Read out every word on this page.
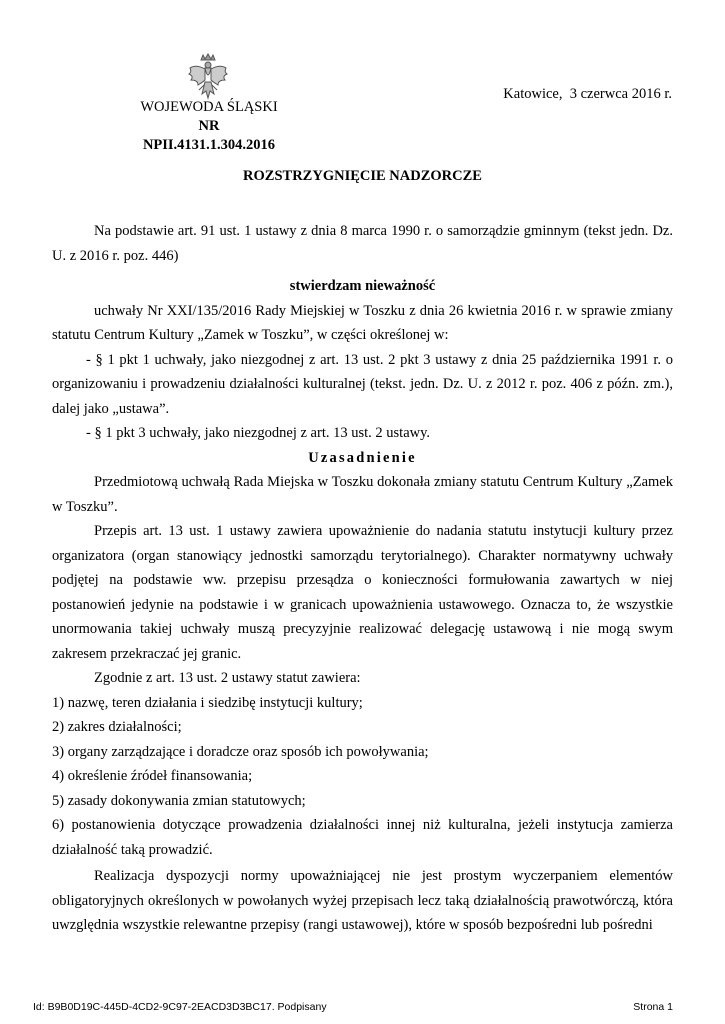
WOJEWODA ŚLĄSKI
NR NPII.4131.1.304.2016
Katowice,  3 czerwca 2016 r.
ROZSTRZYGNIĘCIE NADZORCZE

Na podstawie art. 91 ust. 1 ustawy z dnia 8 marca 1990 r. o samorządzie gminnym (tekst jedn. Dz. U. z 2016 r. poz. 446)

stwierdzam nieważność

uchwały Nr XXI/135/2016 Rady Miejskiej w Toszku z dnia 26 kwietnia 2016 r. w sprawie zmiany statutu Centrum Kultury „Zamek w Toszku”, w części określonej w:

- § 1 pkt 1 uchwały, jako niezgodnej z art. 13 ust. 2 pkt 3 ustawy z dnia 25 października 1991 r. o organizowaniu i prowadzeniu działalności kulturalnej (tekst. jedn. Dz. U. z 2012 r. poz. 406 z późn. zm.), dalej jako „ustawa”.

- § 1 pkt 3 uchwały, jako niezgodnej z art. 13 ust. 2 ustawy.

Uzasadnienie

Przedmiotową uchwałą Rada Miejska w Toszku dokonała zmiany statutu Centrum Kultury „Zamek w Toszku”.

Przepis art. 13 ust. 1 ustawy zawiera upoważnienie do nadania statutu instytucji kultury przez organizatora (organ stanowiący jednostki samorządu terytorialnego). Charakter normatywny uchwały podjętej na podstawie ww. przepisu przesądza o konieczności formułowania zawartych w niej postanowień jedynie na podstawie i w granicach upoważnienia ustawowego. Oznacza to, że wszystkie unormowania takiej uchwały muszą precyzyjnie realizować delegację ustawową i nie mogą swym zakresem przekraczać jej granic.

Zgodnie z art. 13 ust. 2 ustawy statut zawiera:

1) nazwę, teren działania i siedzibę instytucji kultury;

2) zakres działalności;

3) organy zarządzające i doradcze oraz sposób ich powoływania;

4) określenie źródeł finansowania;

5) zasady dokonywania zmian statutowych;

6) postanowienia dotyczące prowadzenia działalności innej niż kulturalna, jeżeli instytucja zamierza działalność taką prowadzić.

Realizacja dyspozycji normy upoważniającej nie jest prostym wyczerpaniem elementów obligatoryjnych określonych w powołanych wyżej przepisach lecz taką działalnością prawotwórczą, która uwzględnia wszystkie relewantne przepisy (rangi ustawowej), które w sposób bezpośredni lub pośredni

Id: B9B0D19C-445D-4CD2-9C97-2EACD3D3BC17. Podpisany	Strona 1
